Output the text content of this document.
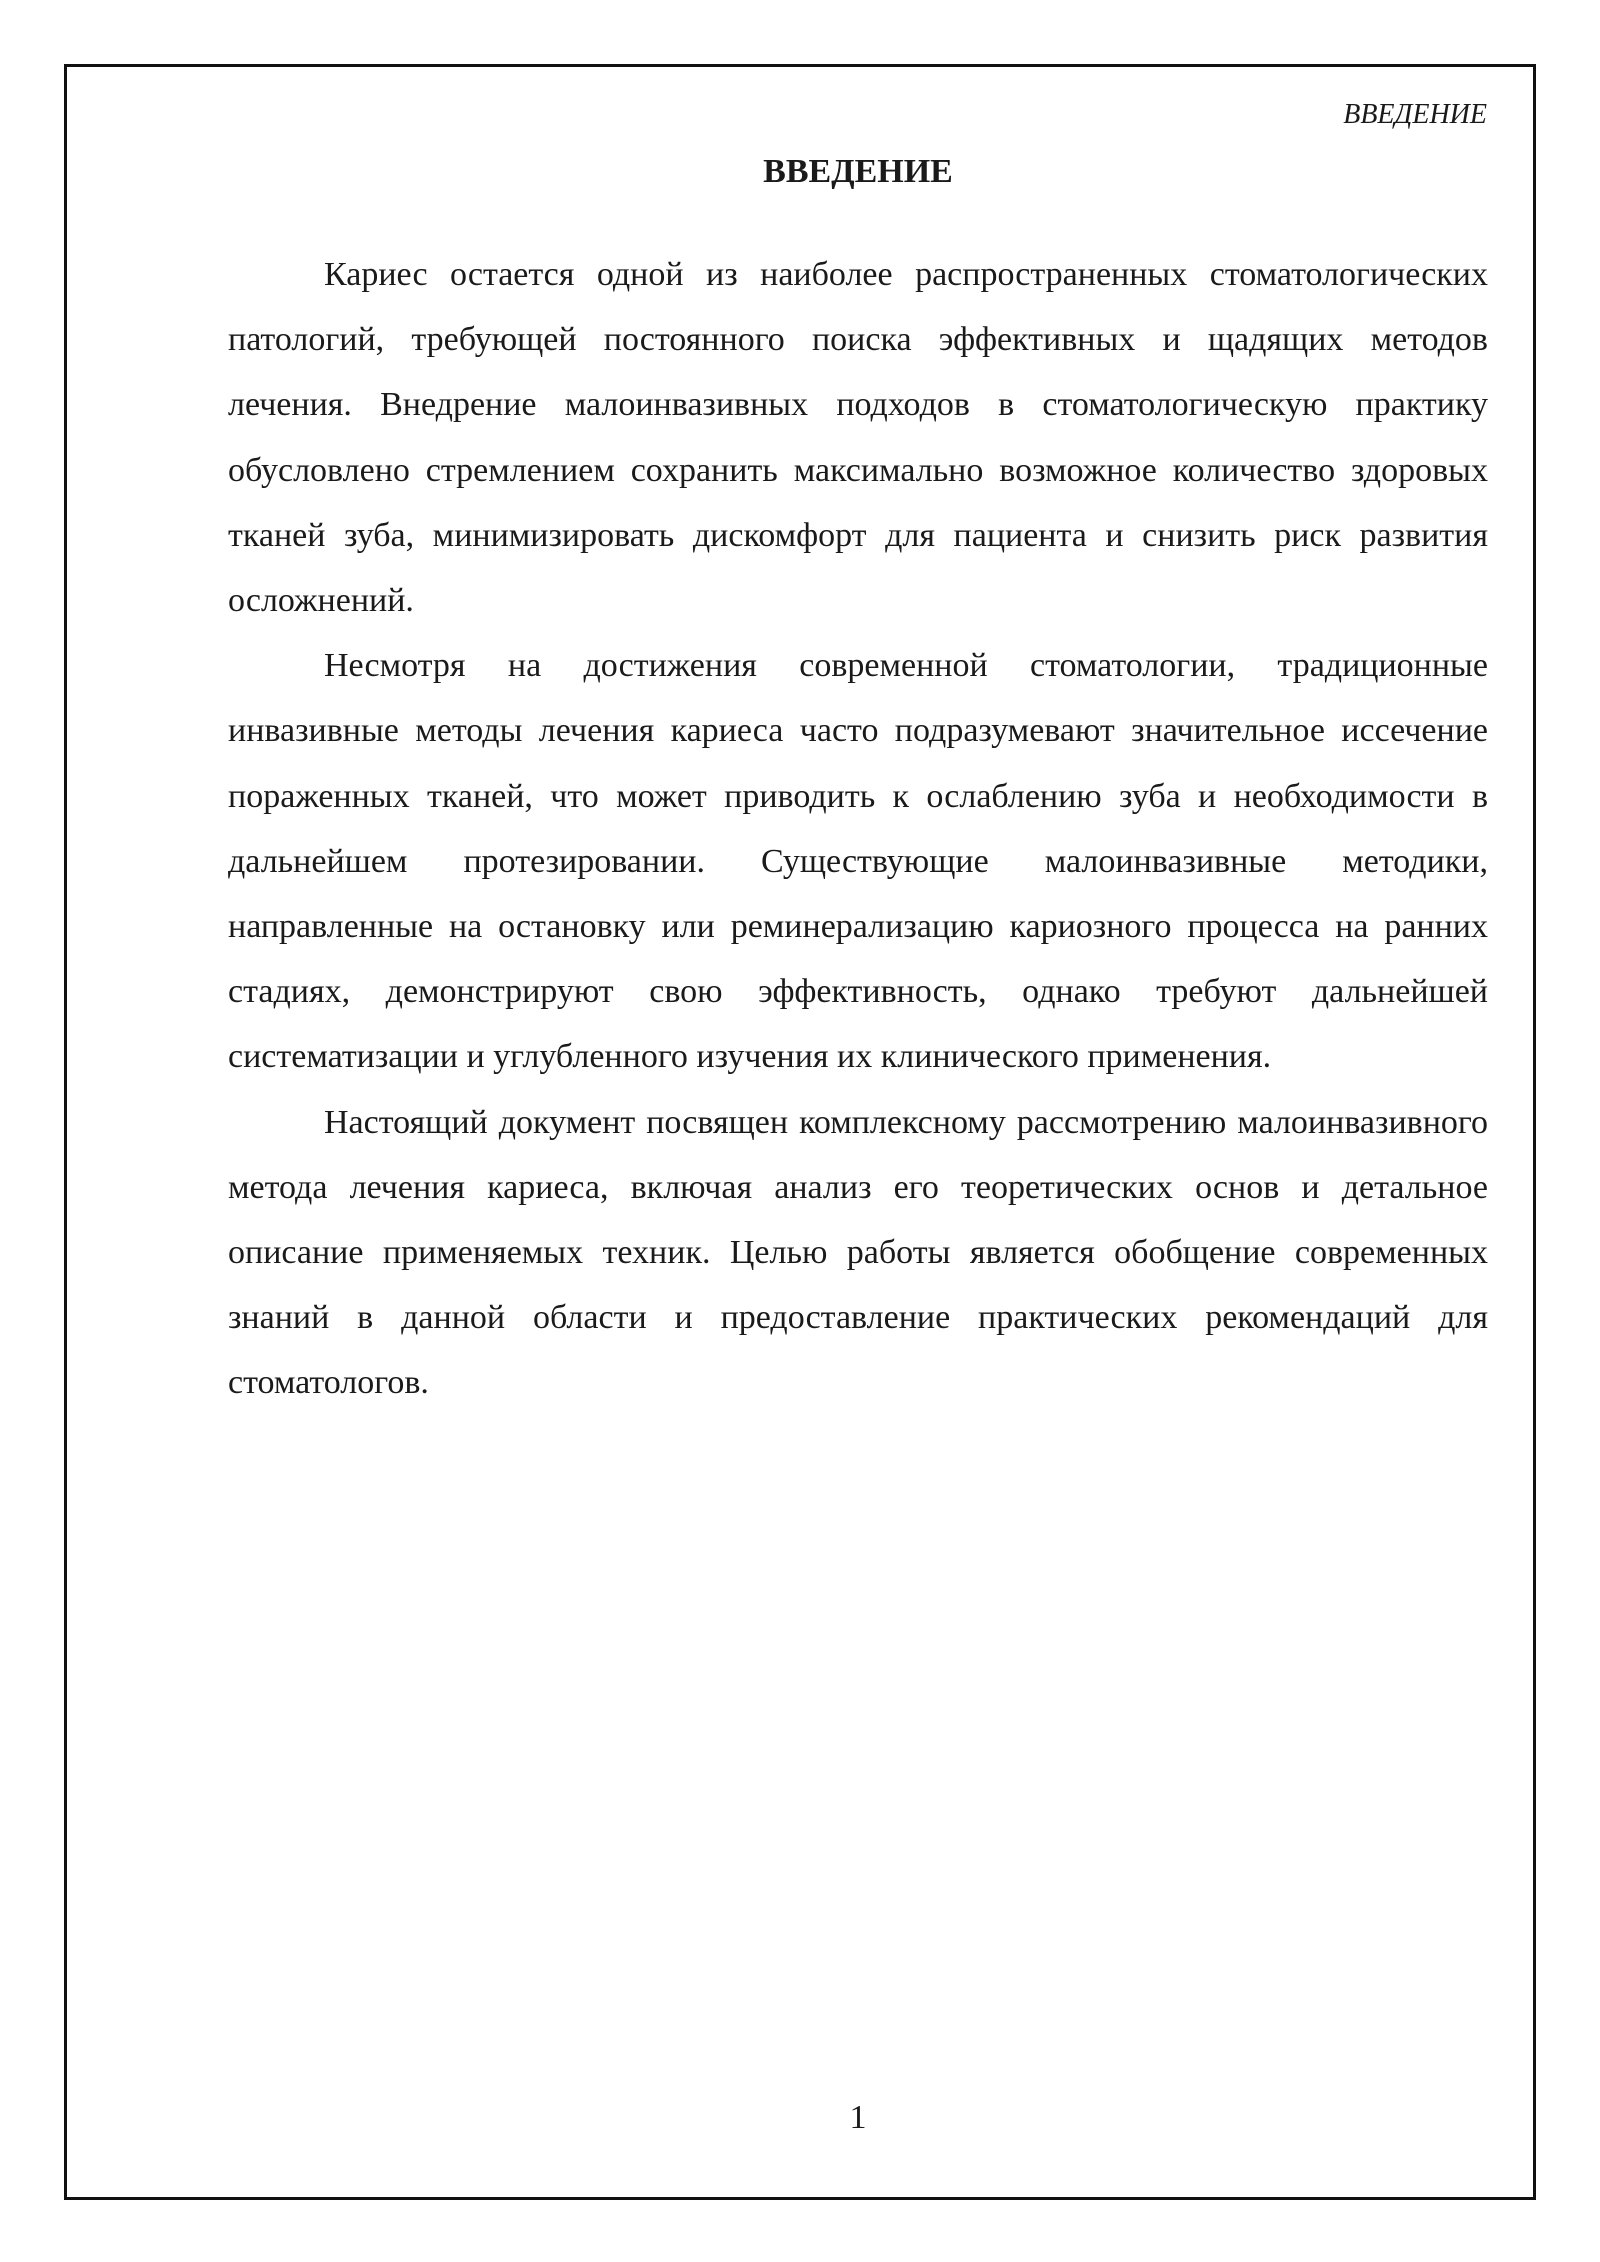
ВВЕДЕНИЕ
ВВЕДЕНИЕ

Кариес остается одной из наиболее распространенных стоматологических патологий, требующей постоянного поиска эффективных и щадящих методов лечения. Внедрение малоинвазивных подходов в стоматологическую практику обусловлено стремлением сохранить максимально возможное количество здоровых тканей зуба, минимизировать дискомфорт для пациента и снизить риск развития осложнений.

Несмотря на достижения современной стоматологии, традиционные инвазивные методы лечения кариеса часто подразумевают значительное иссечение пораженных тканей, что может приводить к ослаблению зуба и необходимости в дальнейшем протезировании. Существующие малоинвазивные методики, направленные на остановку или реминерализацию кариозного процесса на ранних стадиях, демонстрируют свою эффективность, однако требуют дальнейшей систематизации и углубленного изучения их клинического применения.

Настоящий документ посвящен комплексному рассмотрению малоинвазивного метода лечения кариеса, включая анализ его теоретических основ и детальное описание применяемых техник. Целью работы является обобщение современных знаний в данной области и предоставление практических рекомендаций для стоматологов.

1
